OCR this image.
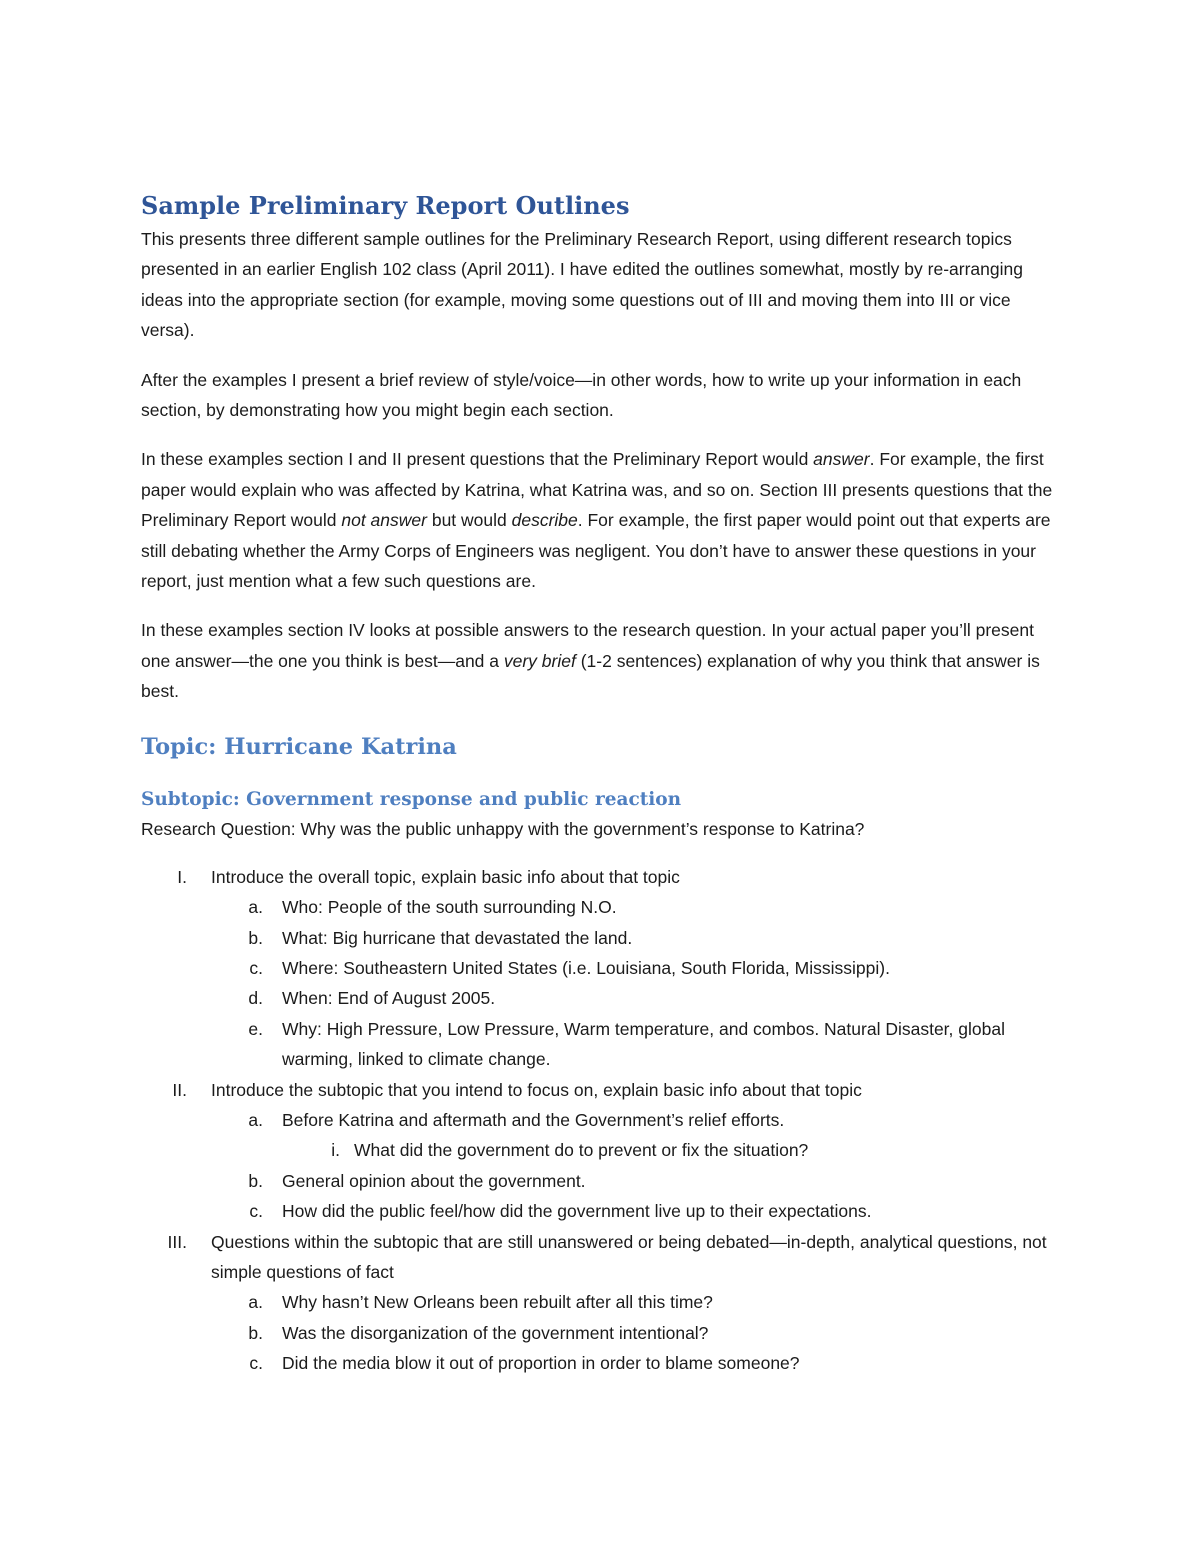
Sample Preliminary Report Outlines

This presents three different sample outlines for the Preliminary Research Report, using different research topics presented in an earlier English 102 class (April 2011). I have edited the outlines somewhat, mostly by re-arranging ideas into the appropriate section (for example, moving some questions out of III and moving them into III or vice versa).

After the examples I present a brief review of style/voice—in other words, how to write up your information in each section, by demonstrating how you might begin each section.

In these examples section I and II present questions that the Preliminary Report would answer. For example, the first paper would explain who was affected by Katrina, what Katrina was, and so on. Section III presents questions that the Preliminary Report would not answer but would describe. For example, the first paper would point out that experts are still debating whether the Army Corps of Engineers was negligent. You don’t have to answer these questions in your report, just mention what a few such questions are.

In these examples section IV looks at possible answers to the research question. In your actual paper you’ll present one answer—the one you think is best—and a very brief (1-2 sentences) explanation of why you think that answer is best.

Topic: Hurricane Katrina
Subtopic: Government response and public reaction

Research Question: Why was the public unhappy with the government’s response to Katrina?

I. Introduce the overall topic, explain basic info about that topic
a. Who: People of the south surrounding N.O.
b. What: Big hurricane that devastated the land.
c. Where: Southeastern United States (i.e. Louisiana, South Florida, Mississippi).
d. When: End of August 2005.
e. Why: High Pressure, Low Pressure, Warm temperature, and combos. Natural Disaster, global warming, linked to climate change.
II. Introduce the subtopic that you intend to focus on, explain basic info about that topic
a. Before Katrina and aftermath and the Government’s relief efforts.
i. What did the government do to prevent or fix the situation?
b. General opinion about the government.
c. How did the public feel/how did the government live up to their expectations.
III. Questions within the subtopic that are still unanswered or being debated—in-depth, analytical questions, not simple questions of fact
a. Why hasn’t New Orleans been rebuilt after all this time?
b. Was the disorganization of the government intentional?
c. Did the media blow it out of proportion in order to blame someone?
